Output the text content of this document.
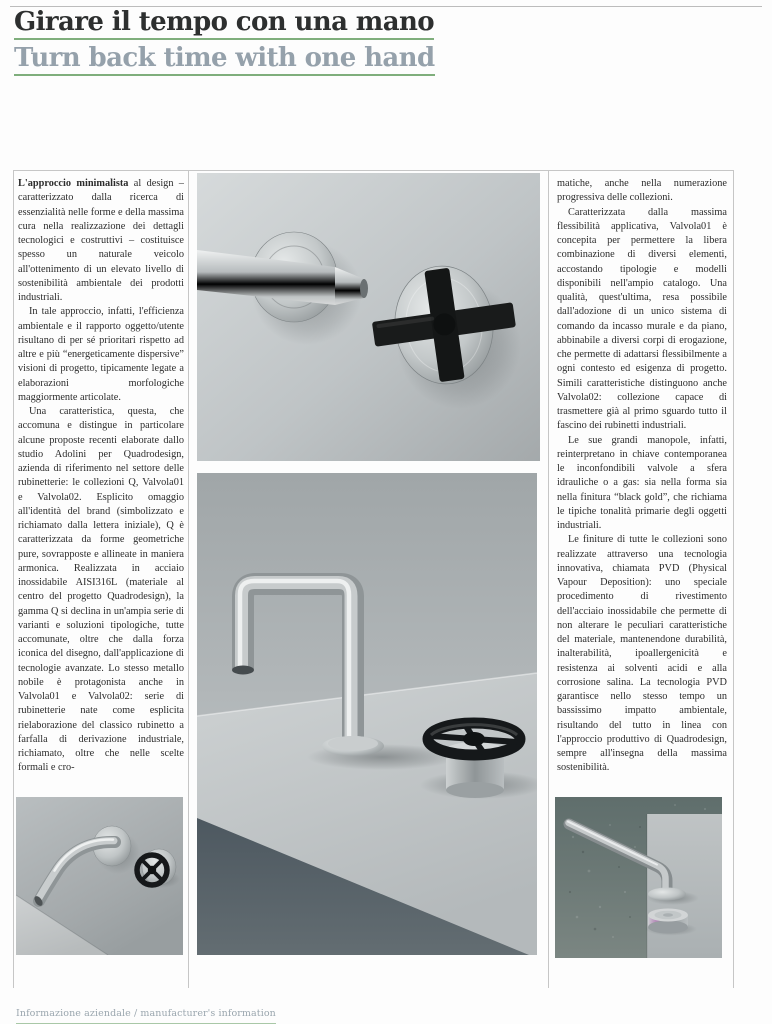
Girare il tempo con una mano
Turn back time with one hand

L'approccio minimalista al design – caratterizzato dalla ricerca di essenzialità nelle forme e della massima cura nella realizzazione dei dettagli tecnologici e costruttivi – costituisce spesso un naturale veicolo all'ottenimento di un elevato livello di sostenibilità ambientale dei prodotti industriali.

In tale approccio, infatti, l'efficienza ambientale e il rapporto oggetto/utente risultano di per sé prioritari rispetto ad altre e più “energeticamente dispersive” visioni di progetto, tipicamente legate a elaborazioni morfologiche maggiormente articolate.

Una caratteristica, questa, che accomuna e distingue in particolare alcune proposte recenti elaborate dallo studio Adolini per Quadrodesign, azienda di riferimento nel settore delle rubinetterie: le collezioni Q, Valvola01 e Valvola02. Esplicito omaggio all'identità del brand (simbolizzato e richiamato dalla lettera iniziale), Q è caratterizzata da forme geometriche pure, sovrapposte e allineate in maniera armonica. Realizzata in acciaio inossidabile AISI316L (materiale al centro del progetto Quadrodesign), la gamma Q si declina in un'ampia serie di varianti e soluzioni tipologiche, tutte accomunate, oltre che dalla forza iconica del disegno, dall'applicazione di tecnologie avanzate. Lo stesso metallo nobile è protagonista anche in Valvola01 e Valvola02: serie di rubinetterie nate come esplicita rielaborazione del classico rubinetto a farfalla di derivazione industriale, richiamato, oltre che nelle scelte formali e cro-

matiche, anche nella numerazione progressiva delle collezioni.

Caratterizzata dalla massima flessibilità applicativa, Valvola01 è concepita per permettere la libera combinazione di diversi elementi, accostando tipologie e modelli disponibili nell'ampio catalogo. Una qualità, quest'ultima, resa possibile dall'adozione di un unico sistema di comando da incasso murale e da piano, abbinabile a diversi corpi di erogazione, che permette di adattarsi flessibilmente a ogni contesto ed esigenza di progetto. Simili caratteristiche distinguono anche Valvola02: collezione capace di trasmettere già al primo sguardo tutto il fascino dei rubinetti industriali.

Le sue grandi manopole, infatti, reinterpretano in chiave contemporanea le inconfondibili valvole a sfera idrauliche o a gas: sia nella forma sia nella finitura “black gold”, che richiama le tipiche tonalità primarie degli oggetti industriali.

Le finiture di tutte le collezioni sono realizzate attraverso una tecnologia innovativa, chiamata PVD (Physical Vapour Deposition): uno speciale procedimento di rivestimento dell'acciaio inossidabile che permette di non alterare le peculiari caratteristiche del materiale, mantenendone durabilità, inalterabilità, ipoallergenicità e resistenza ai solventi acidi e alla corrosione salina. La tecnologia PVD garantisce nello stesso tempo un bassissimo impatto ambientale, risultando del tutto in linea con l'approccio produttivo di Quadrodesign, sempre all'insegna della massima sostenibilità.

Informazione aziendale / manufacturer's information
